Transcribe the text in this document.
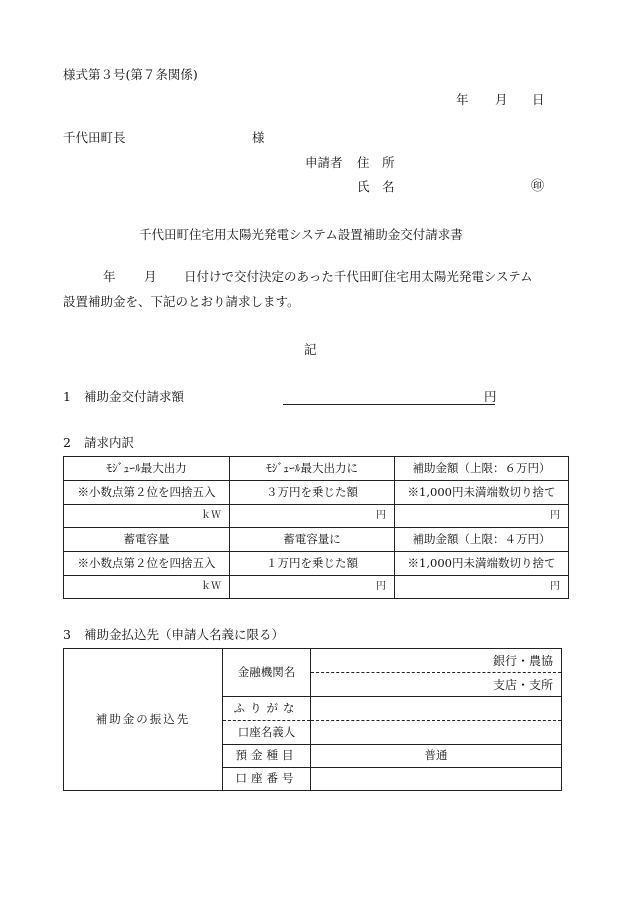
様式第３号(第７条関係)
年 月 日
千代田町長	様
申請者 住　所
氏　名	㊞
千代田町住宅用太陽光発電システム設置補助金交付請求書
年 月 日付けで交付決定のあった千代田町住宅用太陽光発電システム
設置補助金を、下記のとおり請求します。
記
1 補助金交付請求額	円
2 請求内訳
ﾓｼﾞｭｰﾙ最大出力	ﾓｼﾞｭｰﾙ最大出力に	補助金額（上限：６万円）
※小数点第２位を四捨五入	３万円を乗じた額	※1,000円未満端数切り捨て
ｋＷ	円	円
蓄電容量	蓄電容量に	補助金額（上限：４万円）
※小数点第２位を四捨五入	１万円を乗じた額	※1,000円未満端数切り捨て
ｋＷ	円	円
3 補助金払込先（申請人名義に限る）
補助金の振込先	金融機関名	銀行・農協
		支店・支所
	ふりがな	
	口座名義人	
	預金種目	普通
	口座番号	
